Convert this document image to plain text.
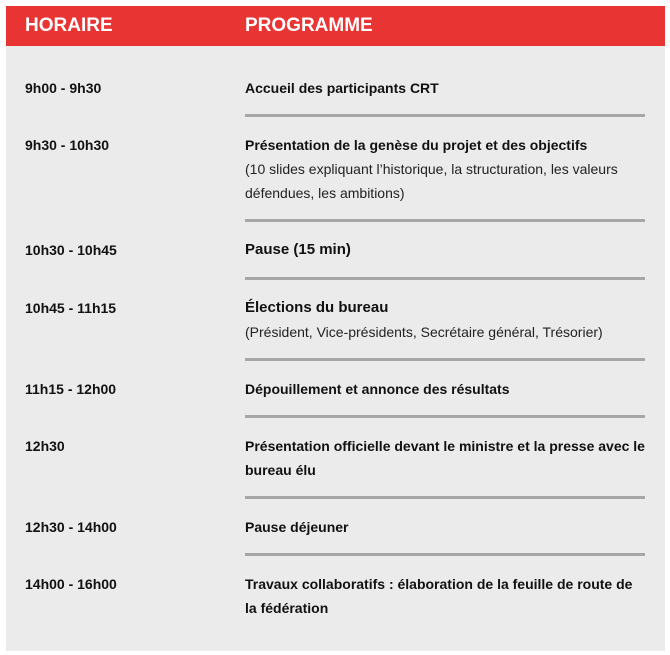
HORAIRE	PROGRAMME
9h00 - 9h30	Accueil des participants CRT
9h30 - 10h30	Présentation de la genèse du projet et des objectifs
(10 slides expliquant l’historique, la structuration, les valeurs défendues, les ambitions)
10h30 - 10h45	Pause (15 min)
10h45 - 11h15	Élections du bureau
(Président, Vice-présidents, Secrétaire général, Trésorier)
11h15 - 12h00	Dépouillement et annonce des résultats
12h30	Présentation officielle devant le ministre et la presse avec le bureau élu
12h30 - 14h00	Pause déjeuner
14h00 - 16h00	Travaux collaboratifs : élaboration de la feuille de route de la fédération
